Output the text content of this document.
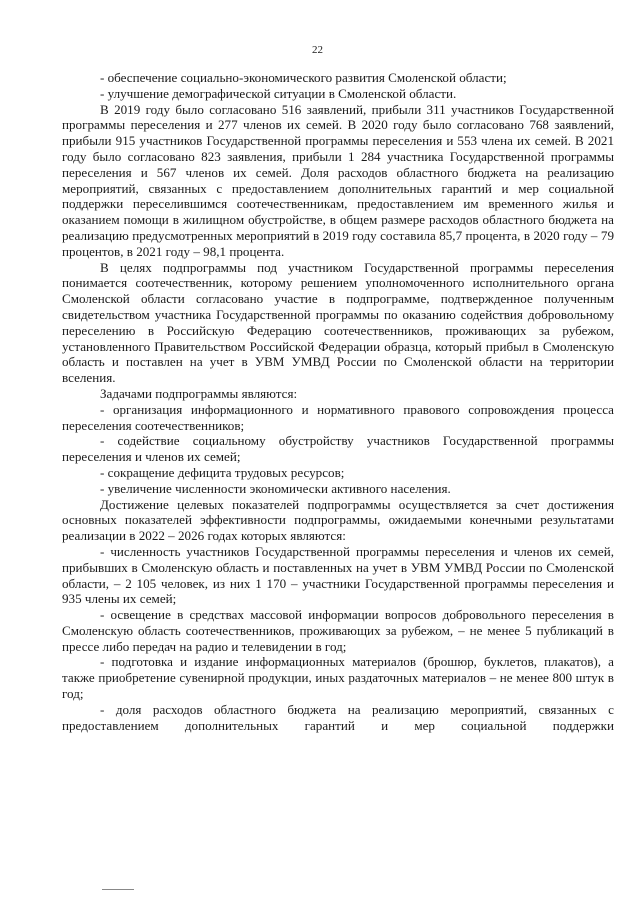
22

- обеспечение социально-экономического развития Смоленской области;

- улучшение демографической ситуации в Смоленской области.

В 2019 году было согласовано 516 заявлений, прибыли 311 участников Государственной программы переселения и 277 членов их семей. В 2020 году было согласовано 768 заявлений, прибыли 915 участников Государственной программы переселения и 553 члена их семей. В 2021 году было согласовано 823 заявления, прибыли 1 284 участника Государственной программы переселения и 567 членов их семей. Доля расходов областного бюджета на реализацию мероприятий, связанных с предоставлением дополнительных гарантий и мер социальной поддержки переселившимся соотечественникам, предоставлением им временного жилья и оказанием помощи в жилищном обустройстве, в общем размере расходов областного бюджета на реализацию предусмотренных мероприятий в 2019 году составила 85,7 процента, в 2020 году – 79 процентов, в 2021 году – 98,1 процента.

В целях подпрограммы под участником Государственной программы переселения понимается соотечественник, которому решением уполномоченного исполнительного органа Смоленской области согласовано участие в подпрограмме, подтвержденное полученным свидетельством участника Государственной программы по оказанию содействия добровольному переселению в Российскую Федерацию соотечественников, проживающих за рубежом, установленного Правительством Российской Федерации образца, который прибыл в Смоленскую область и поставлен на учет в УВМ УМВД России по Смоленской области на территории вселения.

Задачами подпрограммы являются:

- организация информационного и нормативного правового сопровождения процесса переселения соотечественников;

- содействие социальному обустройству участников Государственной программы переселения и членов их семей;

- сокращение дефицита трудовых ресурсов;

- увеличение численности экономически активного населения.

Достижение целевых показателей подпрограммы осуществляется за счет достижения основных показателей эффективности подпрограммы, ожидаемыми конечными результатами реализации в 2022 – 2026 годах которых являются:

- численность участников Государственной программы переселения и членов их семей, прибывших в Смоленскую область и поставленных на учет в УВМ УМВД России по Смоленской области, – 2 105 человек, из них 1 170 – участники Государственной программы переселения и 935 члены их семей;

- освещение в средствах массовой информации вопросов добровольного переселения в Смоленскую область соотечественников, проживающих за рубежом, – не менее 5 публикаций в прессе либо передач на радио и телевидении в год;

- подготовка и издание информационных материалов (брошюр, буклетов, плакатов), а также приобретение сувенирной продукции, иных раздаточных материалов – не менее 800 штук в год;

- доля расходов областного бюджета на реализацию мероприятий, связанных с предоставлением дополнительных гарантий и мер социальной поддержки
